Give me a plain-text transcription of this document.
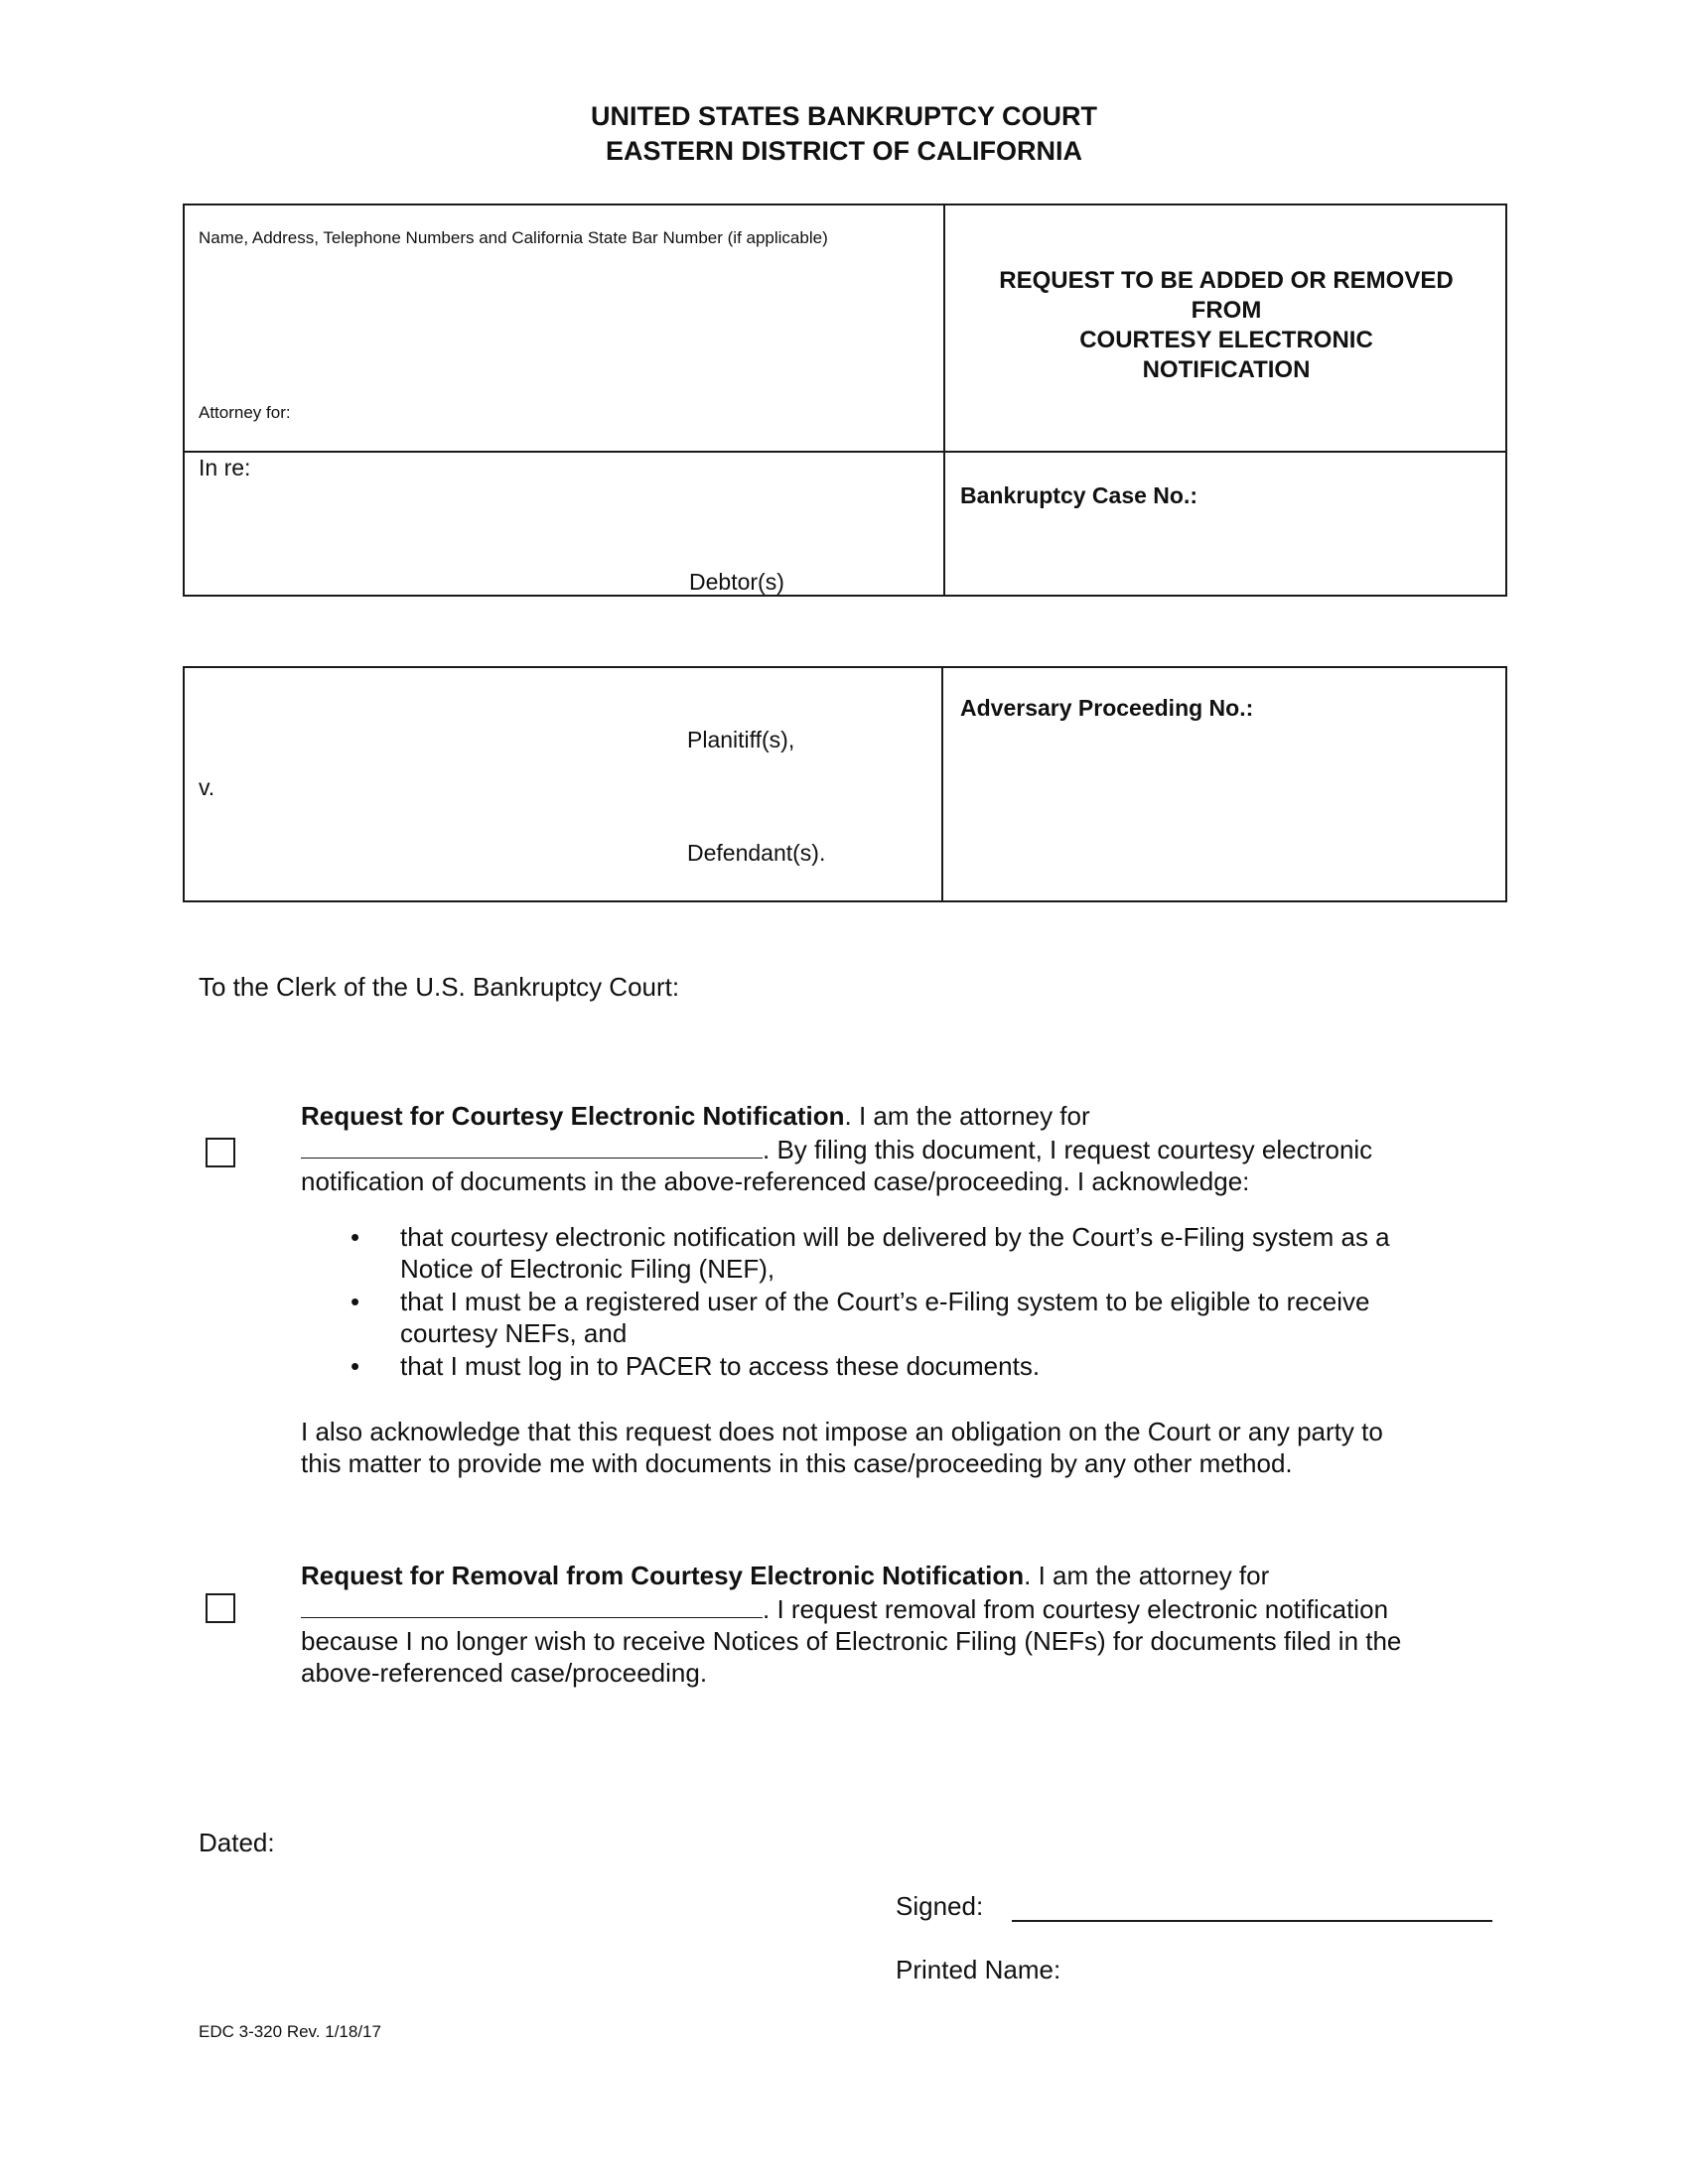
UNITED STATES BANKRUPTCY COURT
EASTERN DISTRICT OF CALIFORNIA
Name, Address, Telephone Numbers and California State Bar Number (if applicable)
Attorney for:
REQUEST TO BE ADDED OR REMOVED
FROM
COURTESY ELECTRONIC
NOTIFICATION
In re:
Debtor(s)
Bankruptcy Case No.:
Planitiff(s),
v.
Defendant(s).
Adversary Proceeding No.:
To the Clerk of the U.S. Bankruptcy Court:
Request for Courtesy Electronic Notification. I am the attorney for
. By filing this document, I request courtesy electronic
notification of documents in the above-referenced case/proceeding. I acknowledge:
• that courtesy electronic notification will be delivered by the Court’s e-Filing system as a
Notice of Electronic Filing (NEF),
• that I must be a registered user of the Court’s e-Filing system to be eligible to receive
courtesy NEFs, and
• that I must log in to PACER to access these documents.
I also acknowledge that this request does not impose an obligation on the Court or any party to
this matter to provide me with documents in this case/proceeding by any other method.
Request for Removal from Courtesy Electronic Notification. I am the attorney for
. I request removal from courtesy electronic notification
because I no longer wish to receive Notices of Electronic Filing (NEFs) for documents filed in the
above-referenced case/proceeding.
Dated:
Signed:
Printed Name:
EDC 3-320 Rev. 1/18/17
